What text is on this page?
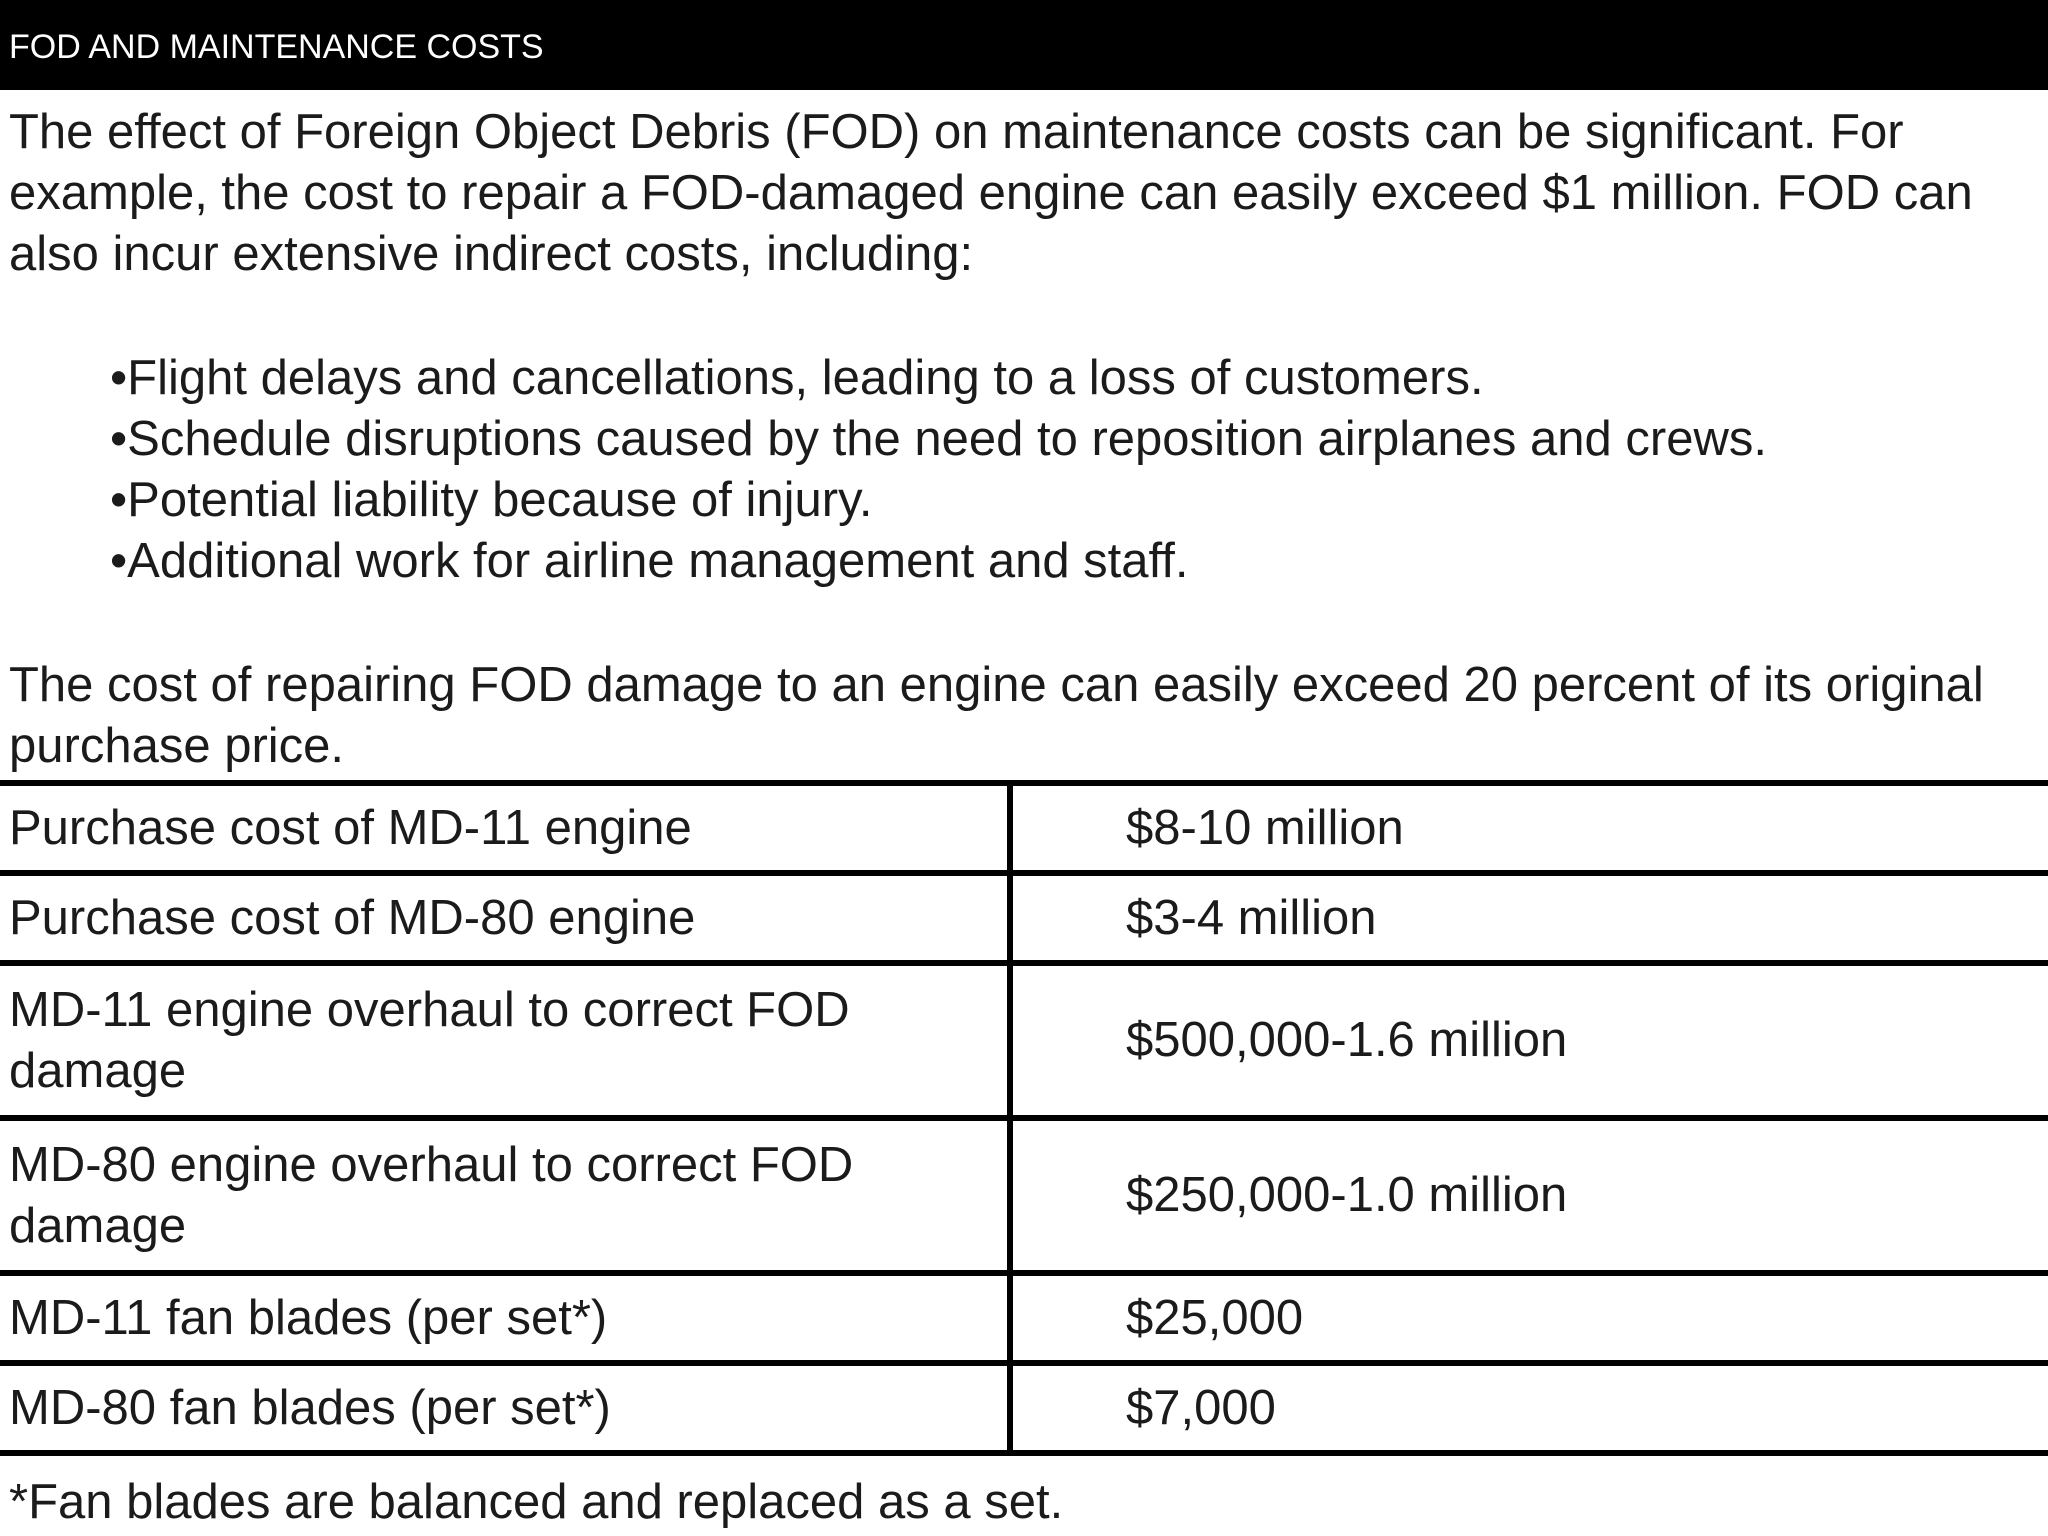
FOD AND MAINTENANCE COSTS

The effect of Foreign Object Debris (FOD) on maintenance costs can be significant. For example, the cost to repair a FOD-damaged engine can easily exceed $1 million. FOD can also incur extensive indirect costs, including:

•Flight delays and cancellations, leading to a loss of customers.
•Schedule disruptions caused by the need to reposition airplanes and crews.
•Potential liability because of injury.
•Additional work for airline management and staff.

The cost of repairing FOD damage to an engine can easily exceed 20 percent of its original purchase price.

Purchase cost of MD-11 engine	$8-10 million
Purchase cost of MD-80 engine	$3-4 million
MD-11 engine overhaul to correct FOD damage	$500,000-1.6 million
MD-80 engine overhaul to correct FOD damage	$250,000-1.0 million
MD-11 fan blades (per set*)	$25,000
MD-80 fan blades (per set*)	$7,000

*Fan blades are balanced and replaced as a set.
